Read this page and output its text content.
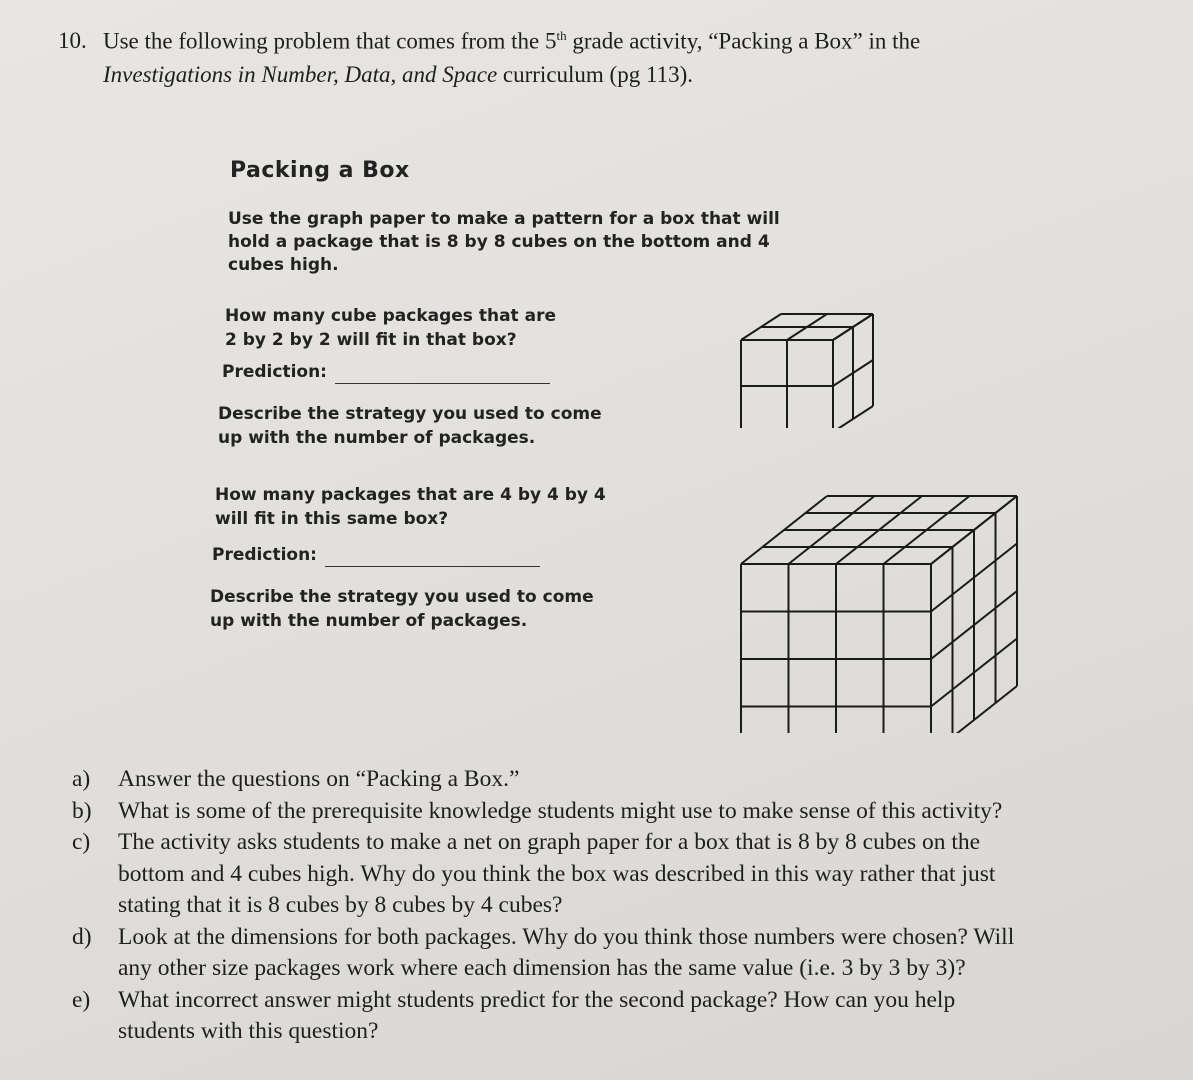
10. Use the following problem that comes from the 5th grade activity, “Packing a Box” in the
Investigations in Number, Data, and Space curriculum (pg 113).
Packing a Box
Use the graph paper to make a pattern for a box that will
hold a package that is 8 by 8 cubes on the bottom and 4
cubes high.
How many cube packages that are
2 by 2 by 2 will fit in that box?
Prediction:
Describe the strategy you used to come
up with the number of packages.
How many packages that are 4 by 4 by 4
will fit in this same box?
Prediction:
Describe the strategy you used to come
up with the number of packages.
a) Answer the questions on “Packing a Box.”
b) What is some of the prerequisite knowledge students might use to make sense of this activity?
c) The activity asks students to make a net on graph paper for a box that is 8 by 8 cubes on the
bottom and 4 cubes high. Why do you think the box was described in this way rather that just
stating that it is 8 cubes by 8 cubes by 4 cubes?
d) Look at the dimensions for both packages. Why do you think those numbers were chosen? Will
any other size packages work where each dimension has the same value (i.e. 3 by 3 by 3)?
e) What incorrect answer might students predict for the second package? How can you help
students with this question?
